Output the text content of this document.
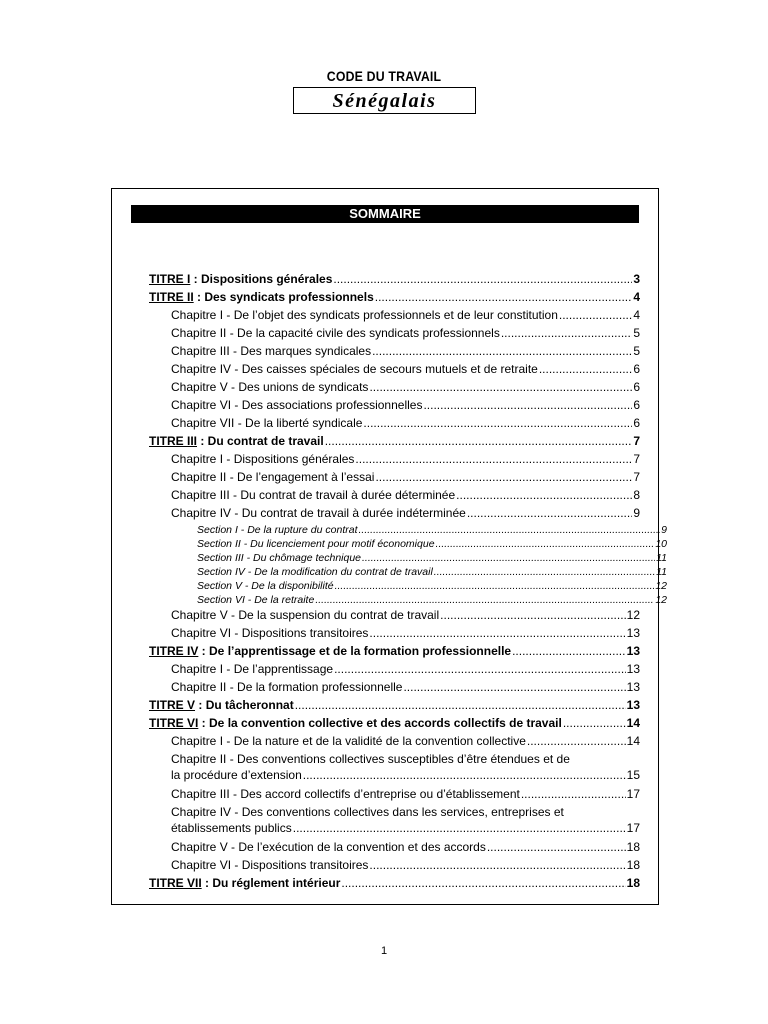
CODE DU TRAVAIL
Sénégalais
SOMMAIRE
TITRE I : Dispositions générales .....	3
TITRE II : Des syndicats professionnels .....	4
Chapitre I - De l’objet des syndicats professionnels et de leur constitution .....	4
Chapitre II - De la capacité civile des syndicats professionnels .....	5
Chapitre III - Des marques syndicales .....	5
Chapitre IV - Des caisses spéciales de secours mutuels et de retraite .....	6
Chapitre V - Des unions de syndicats .....	6
Chapitre VI - Des associations professionnelles .....	6
Chapitre VII - De la liberté syndicale .....	6
TITRE III : Du contrat de travail .....	7
Chapitre I - Dispositions générales .....	7
Chapitre II - De l’engagement à l’essai .....	7
Chapitre III - Du contrat de travail à durée déterminée .....	8
Chapitre IV - Du contrat de travail à durée indéterminée .....	9
Section I - De la rupture du contrat .....	9
Section II - Du licenciement pour motif économique .....	10
Section III - Du chômage technique .....	11
Section IV - De la modification du contrat de travail .....	11
Section V - De la disponibilité .....	12
Section VI - De la retraite .....	12
Chapitre V - De la suspension du contrat de travail .....	12
Chapitre VI - Dispositions transitoires .....	13
TITRE IV : De l’apprentissage et de la formation professionnelle .....	13
Chapitre I - De l’apprentissage .....	13
Chapitre II - De la formation professionnelle .....	13
TITRE V : Du tâcheronnat .....	13
TITRE VI : De la convention collective et des accords collectifs de travail .....	14
Chapitre I - De la nature et de la validité de la convention collective .....	14
Chapitre II - Des conventions collectives susceptibles d’être étendues et de
la procédure d’extension .....	15
Chapitre III - Des accord collectifs d’entreprise ou d’établissement .....	17
Chapitre IV - Des conventions collectives dans les services, entreprises et
établissements publics .....	17
Chapitre V - De l’exécution de la convention et des accords .....	18
Chapitre VI - Dispositions transitoires .....	18
TITRE VII : Du réglement intérieur .....	18
1
